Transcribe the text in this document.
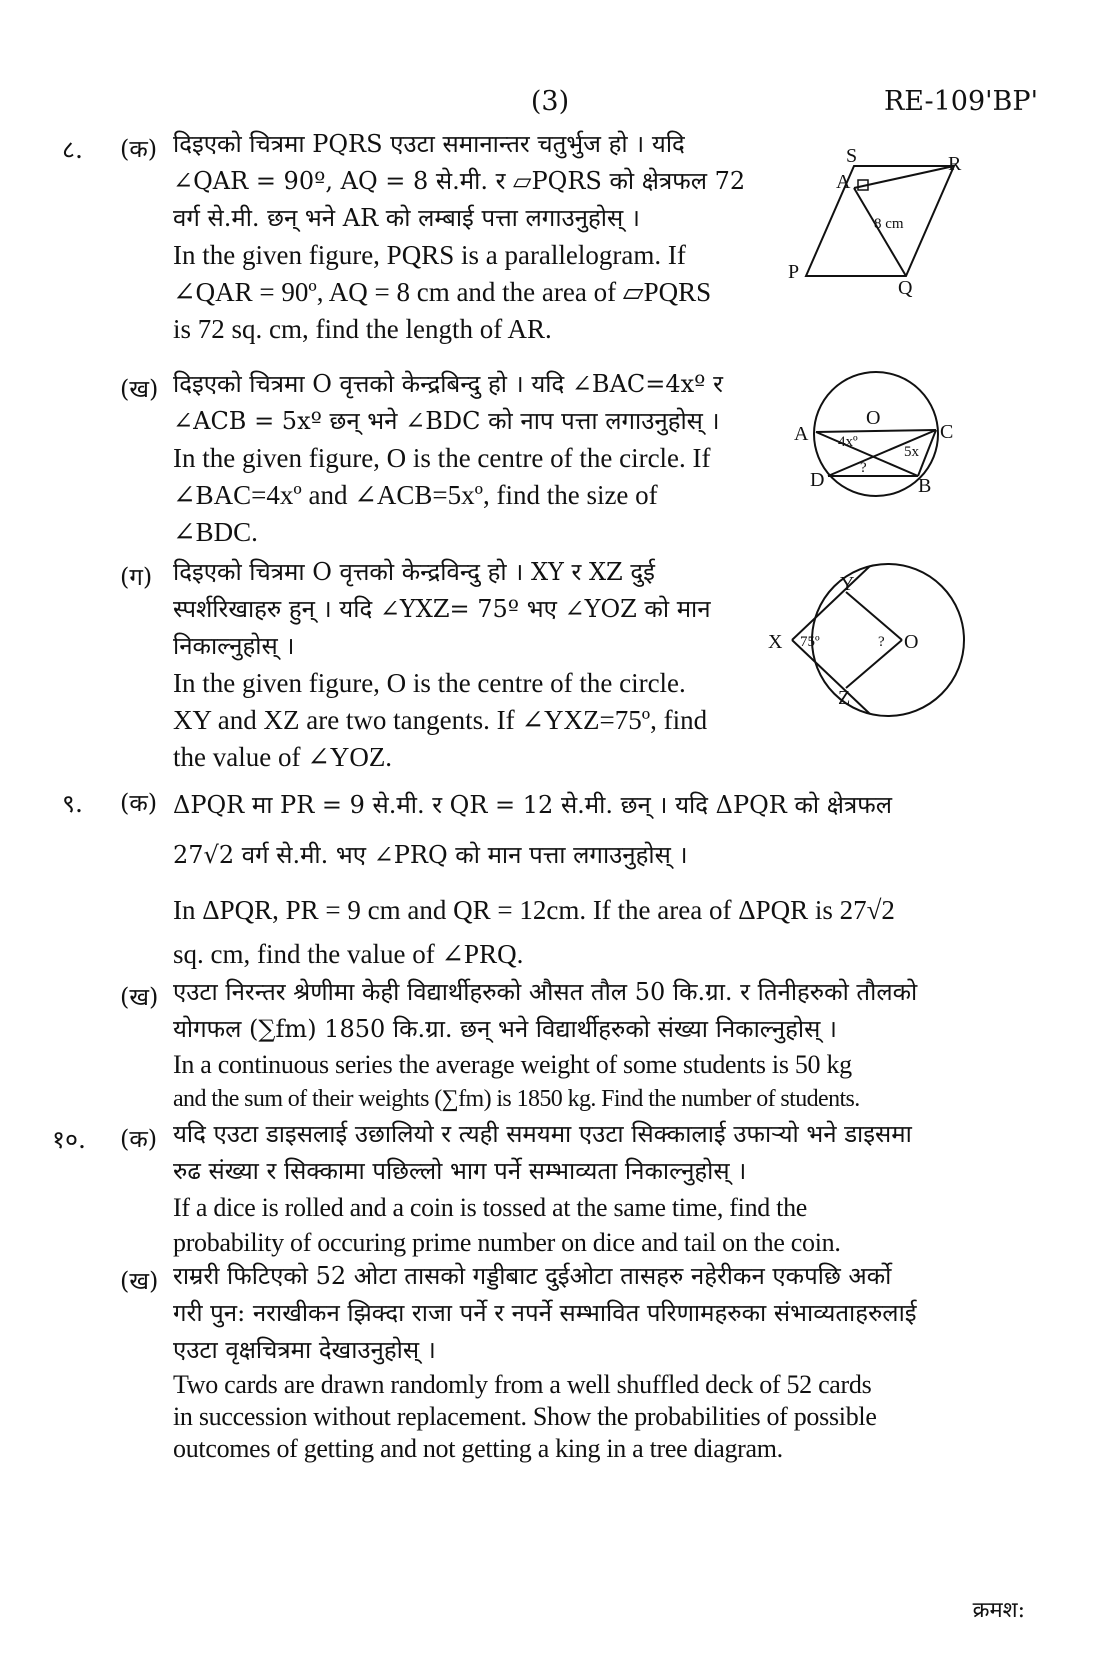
(3)	RE-109'BP'
८. (क) दिइएको चित्रमा PQRS एउटा समानान्तर चतुर्भुज हो । यदि
∠QAR = 90º, AQ = 8 से.मी. र ▱PQRS को क्षेत्रफल 72
वर्ग से.मी. छन् भने AR को लम्बाई पत्ता लगाउनुहोस् ।
In the given figure, PQRS is a parallelogram. If
∠QAR = 90º, AQ = 8 cm and the area of ▱PQRS
is 72 sq. cm, find the length of AR.
P
Q
R
S
A
8 cm
(ख) दिइएको चित्रमा O वृत्तको केन्द्रबिन्दु हो । यदि ∠BAC=4xº र
∠ACB = 5xº छन् भने ∠BDC को नाप पत्ता लगाउनुहोस् ।
In the given figure, O is the centre of the circle. If
∠BAC=4xº and ∠ACB=5xº, find the size of
∠BDC.
A	C
D	B
O
4xº
5x
?
(ग) दिइएको चित्रमा O वृत्तको केन्द्रविन्दु हो । XY र XZ दुई
स्पर्शरिखाहरु हुन् । यदि ∠YXZ= 75º भए ∠YOZ को मान
निकाल्नुहोस् ।
In the given figure, O is the centre of the circle.
XY and XZ are two tangents. If ∠YXZ=75º, find
the value of ∠YOZ.
X
Y
Z
O
75º	?
९. (क) ΔPQR मा PR = 9 से.मी. र QR = 12 से.मी. छन् । यदि ΔPQR को क्षेत्रफल
27√2 वर्ग से.मी. भए ∠PRQ को मान पत्ता लगाउनुहोस् ।
In ΔPQR, PR = 9 cm and QR = 12cm. If the area of ΔPQR is 27√2
sq. cm, find the value of ∠PRQ.
(ख) एउटा निरन्तर श्रेणीमा केही विद्यार्थीहरुको औसत तौल 50 कि.ग्रा. र तिनीहरुको तौलको
योगफल (∑fm) 1850 कि.ग्रा. छन् भने विद्यार्थीहरुको संख्या निकाल्नुहोस् ।
In a continuous series the average weight of some students is 50 kg
and the sum of their weights (∑fm) is 1850 kg. Find the number of students.
१०. (क) यदि एउटा डाइसलाई उछालियो र त्यही समयमा एउटा सिक्कालाई उफार्‍यो भने डाइसमा
रुढ संख्या र सिक्कामा पछिल्लो भाग पर्ने सम्भाव्यता निकाल्नुहोस् ।
If a dice is rolled and a coin is tossed at the same time, find the
probability of occuring prime number on dice and tail on the coin.
(ख) राम्ररी फिटिएको 52 ओटा तासको गड्डीबाट दुईओटा तासहरु नहेरीकन एकपछि अर्को
गरी पुन: नराखीकन झिक्दा राजा पर्ने र नपर्ने सम्भावित परिणामहरुका संभाव्यताहरुलाई
एउटा वृक्षचित्रमा देखाउनुहोस् ।
Two cards are drawn randomly from a well shuffled deck of 52 cards
in succession without replacement. Show the probabilities of possible
outcomes of getting and not getting a king in a tree diagram.
क्रमश:
